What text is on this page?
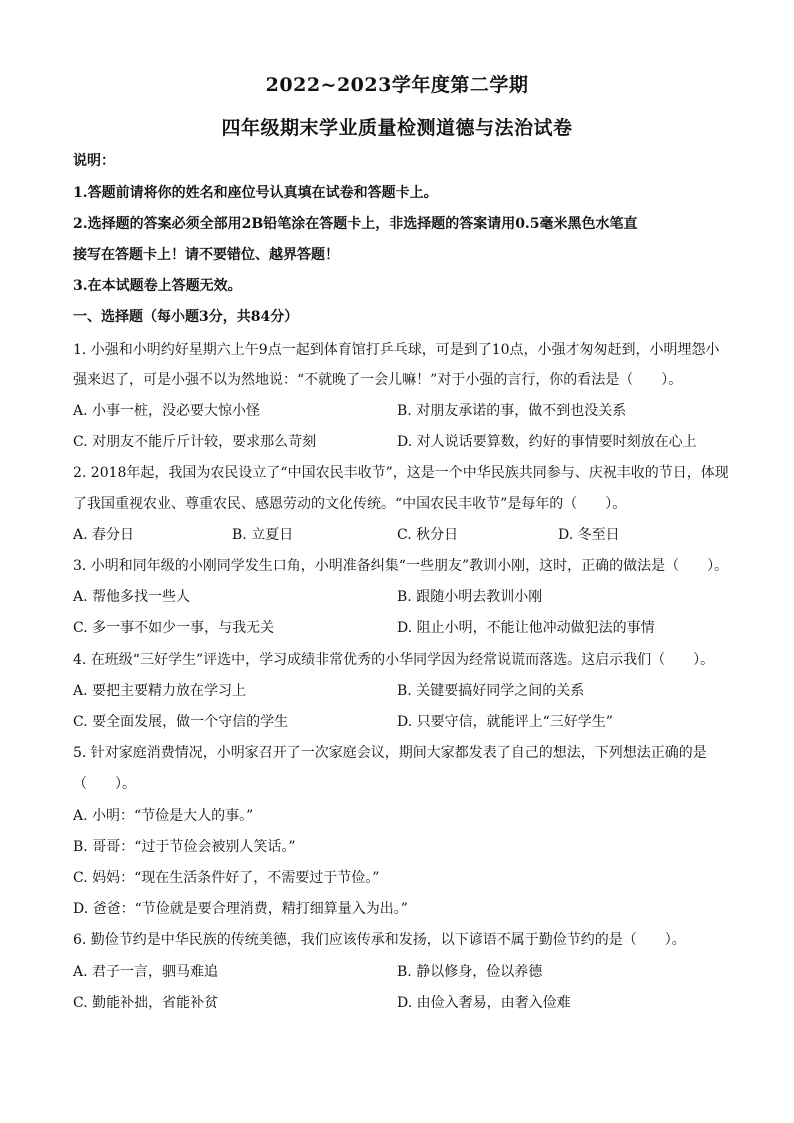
2022~2023学年度第二学期
四年级期末学业质量检测道德与法治试卷
说明：
1.答题前请将你的姓名和座位号认真填在试卷和答题卡上。
2.选择题的答案必须全部用2B铅笔涂在答题卡上，非选择题的答案请用0.5毫米黑色水笔直
接写在答题卡上！请不要错位、越界答题！
3.在本试题卷上答题无效。
一、选择题（每小题3分，共84分）
1. 小强和小明约好星期六上午9点一起到体育馆打乒乓球，可是到了10点，小强才匆匆赶到，小明埋怨小
强来迟了，可是小强不以为然地说：“不就晚了一会儿嘛！”对于小强的言行，你的看法是（　　）。
A. 小事一桩，没必要大惊小怪	B. 对朋友承诺的事，做不到也没关系
C. 对朋友不能斤斤计较，要求那么苛刻	D. 对人说话要算数，约好的事情要时刻放在心上
2. 2018年起，我国为农民设立了“中国农民丰收节”，这是一个中华民族共同参与、庆祝丰收的节日，体现
了我国重视农业、尊重农民、感恩劳动的文化传统。“中国农民丰收节”是每年的（　　）。
A. 春分日	B. 立夏日	C. 秋分日	D. 冬至日
3. 小明和同年级的小刚同学发生口角，小明准备纠集“一些朋友”教训小刚，这时，正确的做法是（　　）。
A. 帮他多找一些人	B. 跟随小明去教训小刚
C. 多一事不如少一事，与我无关	D. 阻止小明，不能让他冲动做犯法的事情
4. 在班级“三好学生”评选中，学习成绩非常优秀的小华同学因为经常说谎而落选。这启示我们（　　）。
A. 要把主要精力放在学习上	B. 关键要搞好同学之间的关系
C. 要全面发展，做一个守信的学生	D. 只要守信，就能评上“三好学生”
5. 针对家庭消费情况，小明家召开了一次家庭会议，期间大家都发表了自己的想法，下列想法正确的是
（　　）。
A. 小明：“节俭是大人的事。”
B. 哥哥：“过于节俭会被别人笑话。”
C. 妈妈：“现在生活条件好了，不需要过于节俭。”
D. 爸爸：“节俭就是要合理消费，精打细算量入为出。”
6. 勤俭节约是中华民族的传统美德，我们应该传承和发扬，以下谚语不属于勤俭节约的是（　　）。
A. 君子一言，驷马难追	B. 静以修身，俭以养德
C. 勤能补拙，省能补贫	D. 由俭入奢易，由奢入俭难
